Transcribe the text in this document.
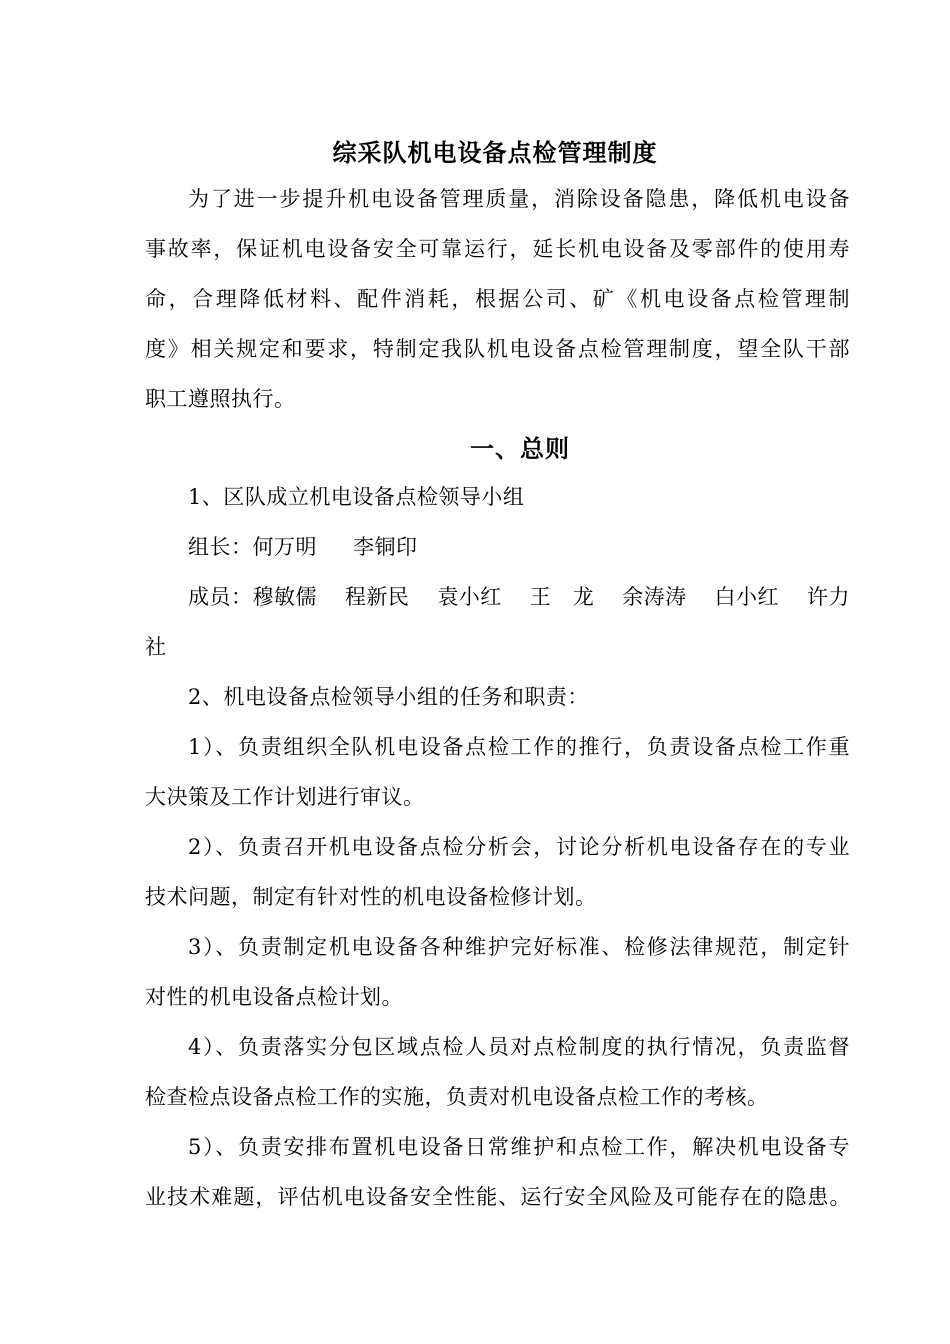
综采队机电设备点检管理制度
为了进一步提升机电设备管理质量，消除设备隐患，降低机电设备
事故率，保证机电设备安全可靠运行，延长机电设备及零部件的使用寿
命，合理降低材料、配件消耗，根据公司、矿《机电设备点检管理制
度》相关规定和要求，特制定我队机电设备点检管理制度，望全队干部
职工遵照执行。
一、总则
1、区队成立机电设备点检领导小组
组长：何万明 李铜印
成员：穆敏儒 程新民 袁小红 王　龙 余涛涛 白小红 许力
社
2、机电设备点检领导小组的任务和职责：
1）、负责组织全队机电设备点检工作的推行，负责设备点检工作重
大决策及工作计划进行审议。
2）、负责召开机电设备点检分析会，讨论分析机电设备存在的专业
技术问题，制定有针对性的机电设备检修计划。
3）、负责制定机电设备各种维护完好标准、检修法律规范，制定针
对性的机电设备点检计划。
4）、负责落实分包区域点检人员对点检制度的执行情况，负责监督
检查检点设备点检工作的实施，负责对机电设备点检工作的考核。
5）、负责安排布置机电设备日常维护和点检工作，解决机电设备专
业技术难题，评估机电设备安全性能、运行安全风险及可能存在的隐患。
